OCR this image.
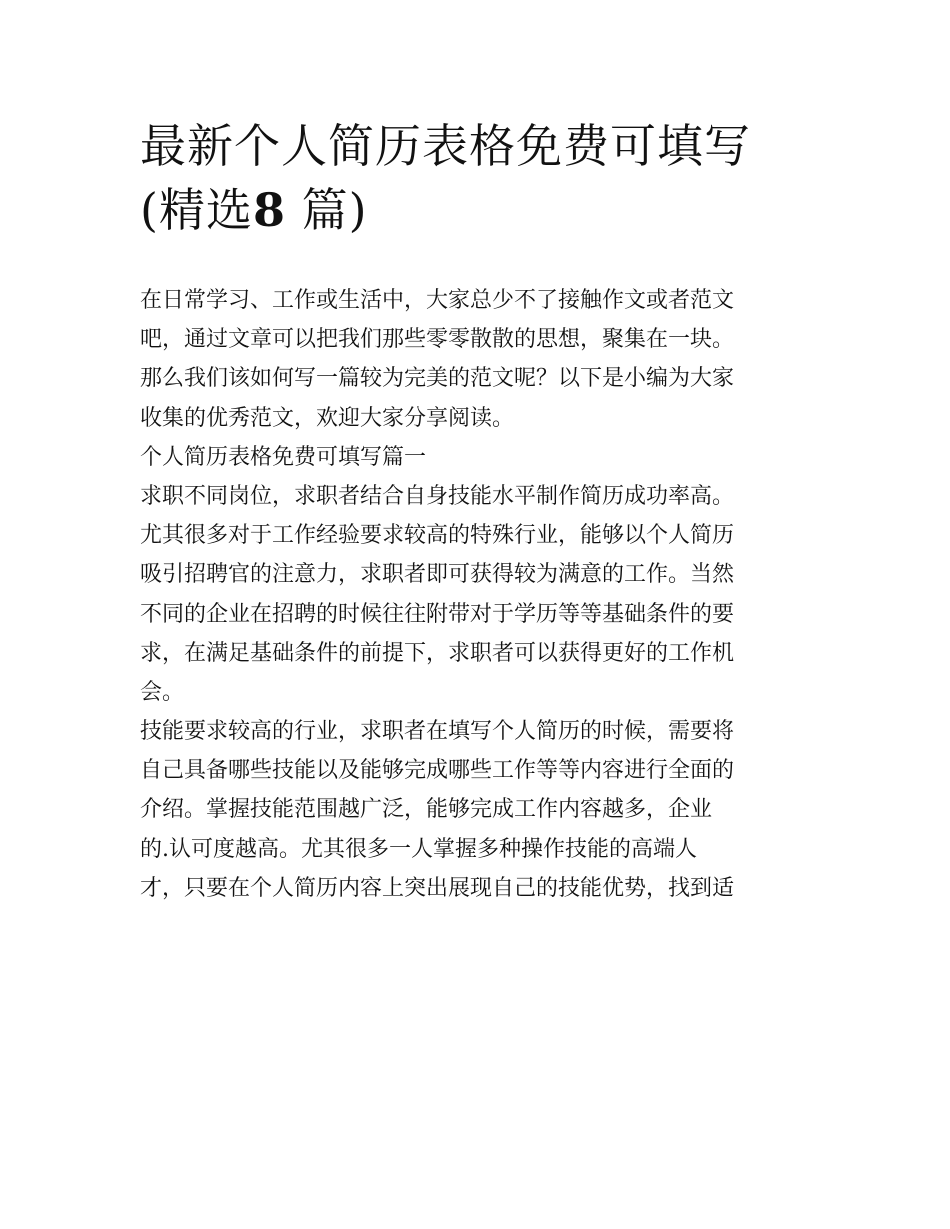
最新个人简历表格免费可填写
(精选8 篇)
在日常学习、工作或生活中，大家总少不了接触作文或者范文
吧，通过文章可以把我们那些零零散散的思想，聚集在一块。
那么我们该如何写一篇较为完美的范文呢？以下是小编为大家
收集的优秀范文，欢迎大家分享阅读。
个人简历表格免费可填写篇一
求职不同岗位，求职者结合自身技能水平制作简历成功率高。
尤其很多对于工作经验要求较高的特殊行业，能够以个人简历
吸引招聘官的注意力，求职者即可获得较为满意的工作。当然
不同的企业在招聘的时候往往附带对于学历等等基础条件的要
求，在满足基础条件的前提下，求职者可以获得更好的工作机
会。
技能要求较高的行业，求职者在填写个人简历的时候，需要将
自己具备哪些技能以及能够完成哪些工作等等内容进行全面的
介绍。掌握技能范围越广泛，能够完成工作内容越多，企业
的.认可度越高。尤其很多一人掌握多种操作技能的高端人
才，只要在个人简历内容上突出展现自己的技能优势，找到适
